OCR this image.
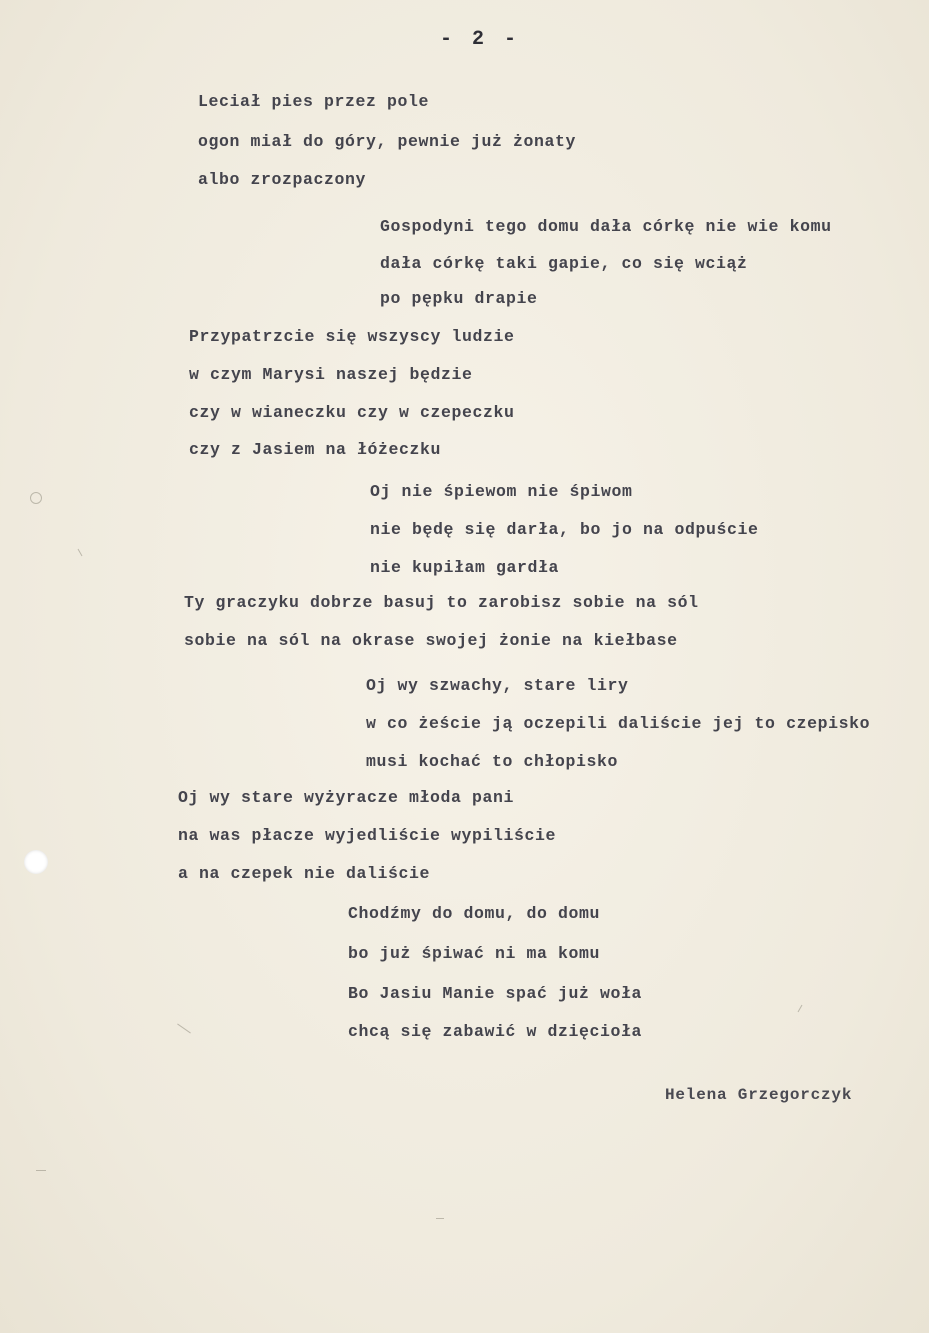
- 2 -
Leciał pies przez pole
ogon miał do góry, pewnie już żonaty
albo zrozpaczony
Gospodyni tego domu dała córkę nie wie komu
dała córkę taki gapie, co się wciąż
po pępku drapie
Przypatrzcie się wszyscy ludzie
w czym Marysi naszej będzie
czy w wianeczku czy w czepeczku
czy z Jasiem na łóżeczku
Oj nie śpiewom nie śpiwom
nie będę się darła, bo jo na odpuście
nie kupiłam gardła
Ty graczyku dobrze basuj to zarobisz sobie na sól
sobie na sól na okrase swojej żonie na kiełbase
Oj wy szwachy, stare liry
w co żeście ją oczepili daliście jej to czepisko
musi kochać to chłopisko
Oj wy stare wyżyracze młoda pani
na was płacze wyjedliście wypiliście
a na czepek nie daliście
Chodźmy do domu, do domu
bo już śpiwać ni ma komu
Bo Jasiu Manie spać już woła
chcą się zabawić w dzięcioła
Helena Grzegorczyk
